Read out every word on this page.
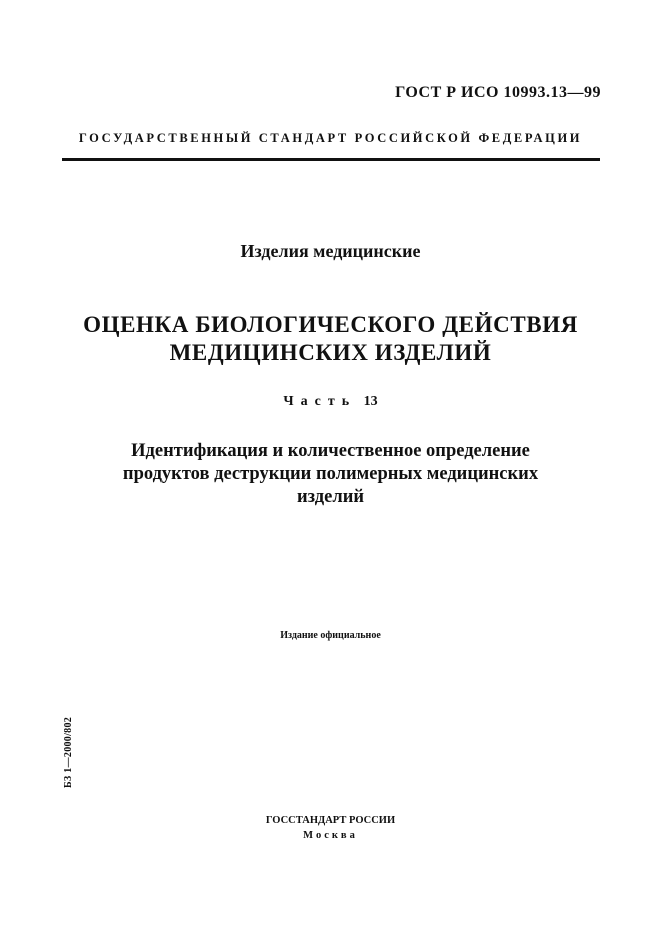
ГОСТ Р ИСО 10993.13—99
ГОСУДАРСТВЕННЫЙ СТАНДАРТ РОССИЙСКОЙ ФЕДЕРАЦИИ
Изделия медицинские
ОЦЕНКА БИОЛОГИЧЕСКОГО ДЕЙСТВИЯ
МЕДИЦИНСКИХ ИЗДЕЛИЙ
Часть 13
Идентификация и количественное определение
продуктов деструкции полимерных медицинских
изделий
Издание официальное
БЗ 1—2000/802
ГОССТАНДАРТ РОССИИ
Москва
